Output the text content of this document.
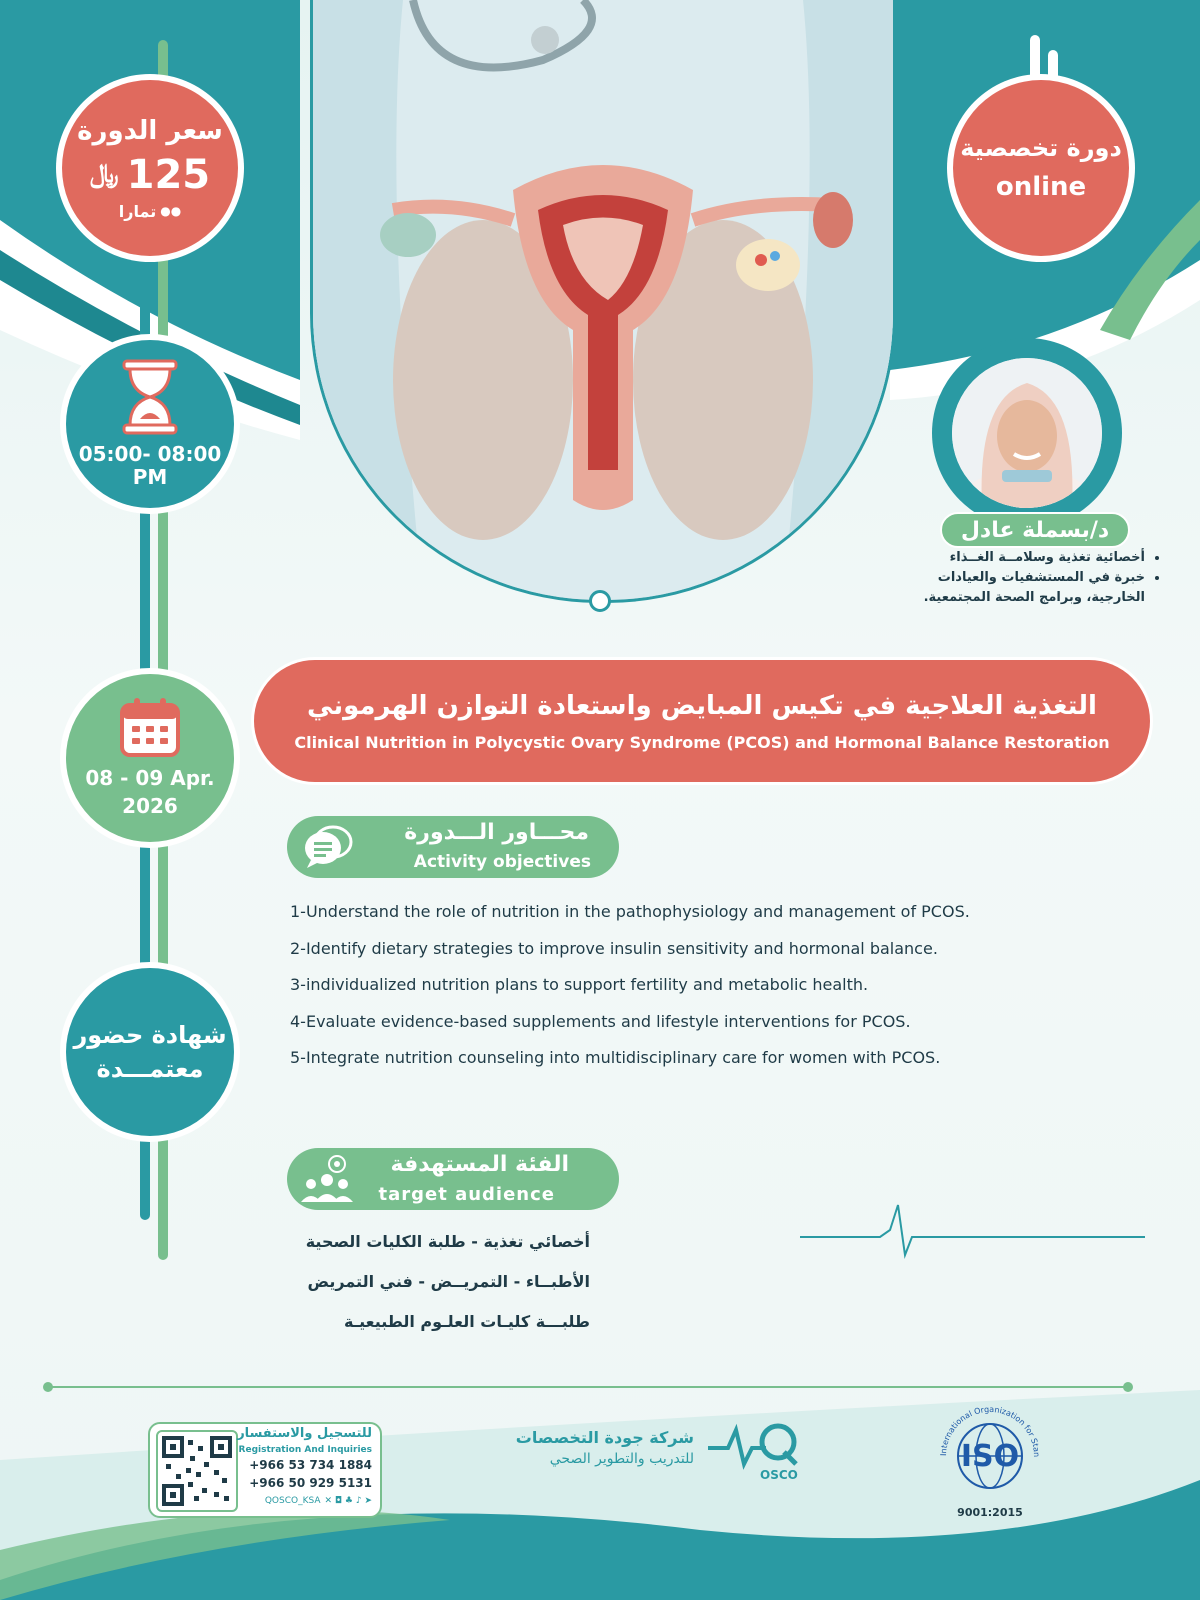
سعر الدورة
﷼ 125
تمارا ●●
دورة تخصصية
online
05:00- 08:00
PM
08 - 09 Apr.
2026
شهادة حضور
معتمـــدة
د/بسملة عادل
• أخصائية تغذية وسلامــة الغــذاء
• خبرة في المستشفيات والعيادات الخارجية، وبرامج الصحة المجتمعية.
التغذية العلاجية في تكيس المبايض واستعادة التوازن الهرموني
Clinical Nutrition in Polycystic Ovary Syndrome (PCOS) and Hormonal Balance Restoration
محـــاور الـــدورة
Activity objectives
1-Understand the role of nutrition in the pathophysiology and management of PCOS.
2-Identify dietary strategies to improve insulin sensitivity and hormonal balance.
3-individualized nutrition plans to support fertility and metabolic health.
4-Evaluate evidence-based supplements and lifestyle interventions for PCOS.
5-Integrate nutrition counseling into multidisciplinary care for women with PCOS.
الفئة المستهدفة
target audience
أخصائي تغذية - طلبة الكليات الصحية
الأطبــاء - التمريــض - فني التمريض
طلبـــة كليـات العلـوم الطبيعيـة
للتسجيل والاستفسار
Registration And Inquiries
+966 53 734 1884
+966 50 929 5131
QOSCO_KSA ✕ ◘ ♣ ♪ ➤
شركة جودة التخصصات
للتدريب والتطوير الصحي
OSCO
International Organization for Stan
ISO
9001:2015
